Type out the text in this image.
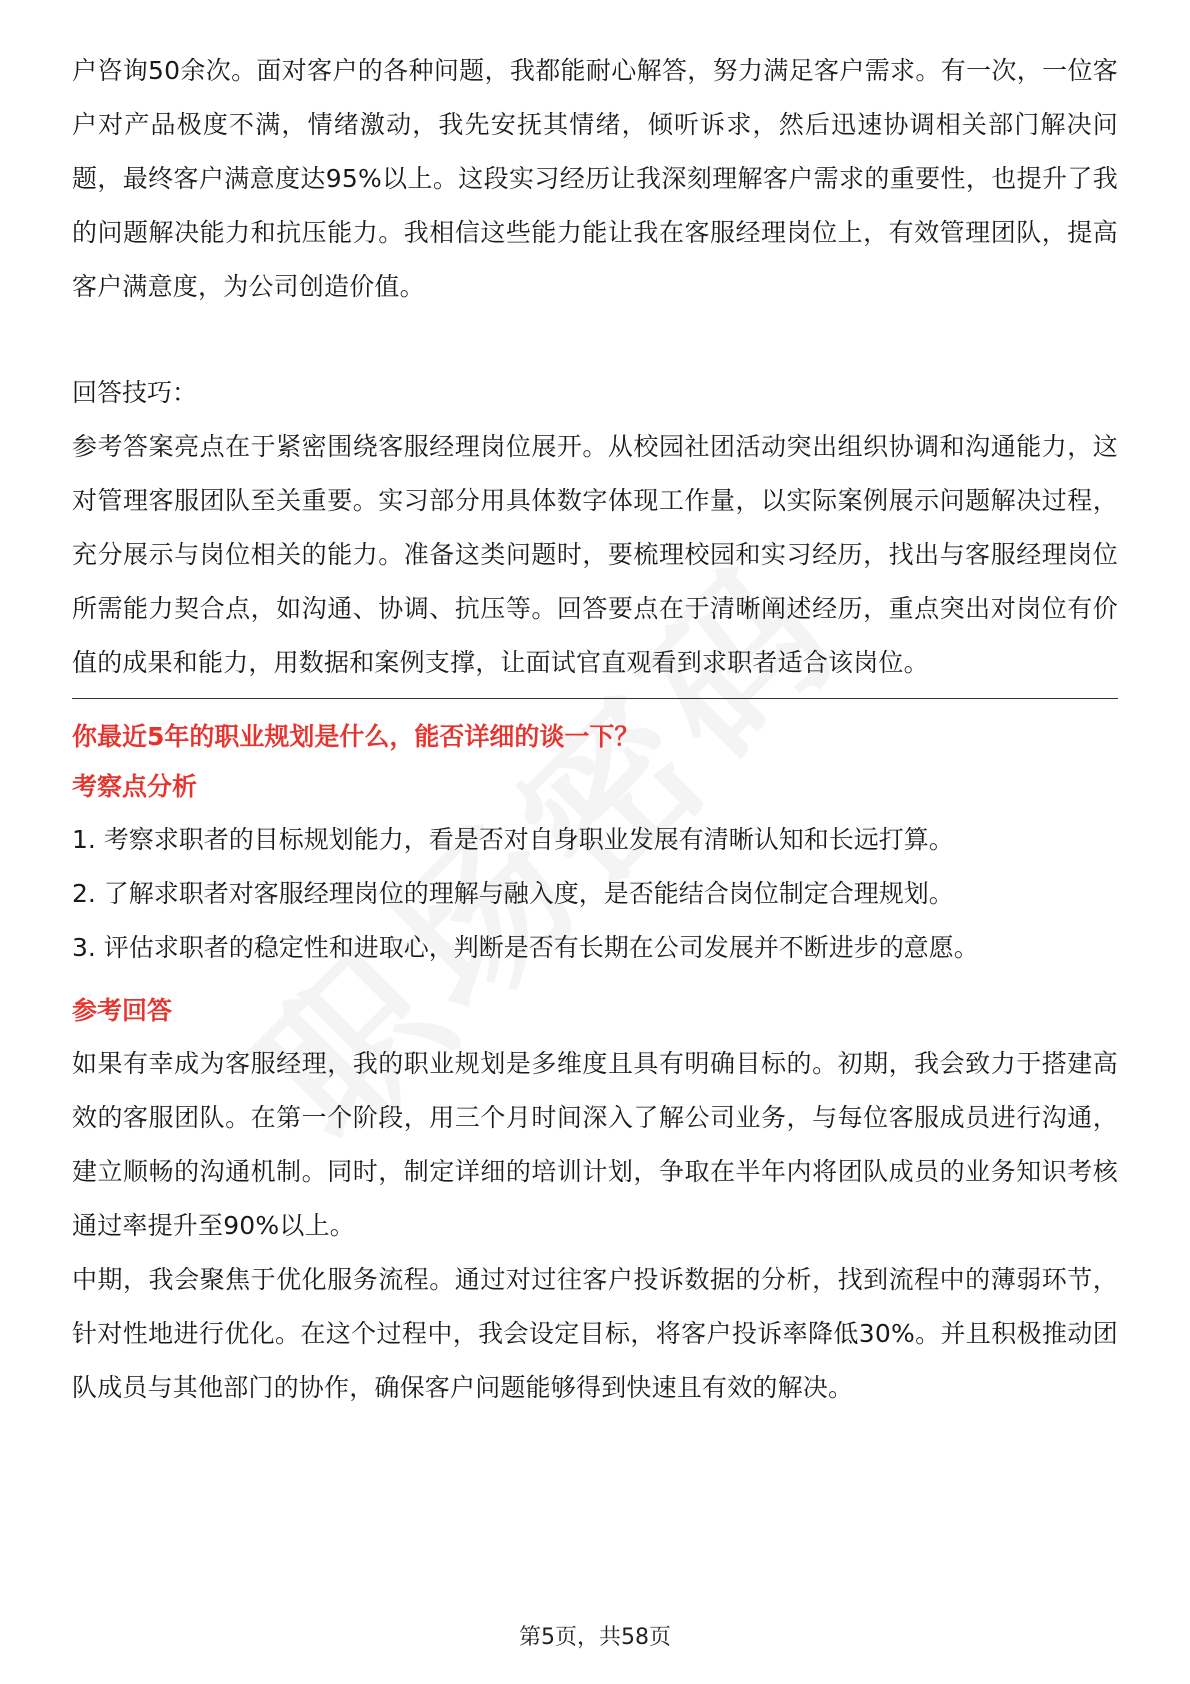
户咨询50余次。面对客户的各种问题，我都能耐心解答，努力满足客户需求。有一次，一位客户对产品极度不满，情绪激动，我先安抚其情绪，倾听诉求，然后迅速协调相关部门解决问题，最终客户满意度达95%以上。这段实习经历让我深刻理解客户需求的重要性，也提升了我的问题解决能力和抗压能力。我相信这些能力能让我在客服经理岗位上，有效管理团队，提高客户满意度，为公司创造价值。

回答技巧：

参考答案亮点在于紧密围绕客服经理岗位展开。从校园社团活动突出组织协调和沟通能力，这对管理客服团队至关重要。实习部分用具体数字体现工作量，以实际案例展示问题解决过程，充分展示与岗位相关的能力。准备这类问题时，要梳理校园和实习经历，找出与客服经理岗位所需能力契合点，如沟通、协调、抗压等。回答要点在于清晰阐述经历，重点突出对岗位有价值的成果和能力，用数据和案例支撑，让面试官直观看到求职者适合该岗位。

你最近5年的职业规划是什么，能否详细的谈一下？

考察点分析

1. 考察求职者的目标规划能力，看是否对自身职业发展有清晰认知和长远打算。

2. 了解求职者对客服经理岗位的理解与融入度，是否能结合岗位制定合理规划。

3. 评估求职者的稳定性和进取心，判断是否有长期在公司发展并不断进步的意愿。

参考回答

如果有幸成为客服经理，我的职业规划是多维度且具有明确目标的。初期，我会致力于搭建高效的客服团队。在第一个阶段，用三个月时间深入了解公司业务，与每位客服成员进行沟通，建立顺畅的沟通机制。同时，制定详细的培训计划，争取在半年内将团队成员的业务知识考核通过率提升至90%以上。

中期，我会聚焦于优化服务流程。通过对过往客户投诉数据的分析，找到流程中的薄弱环节，针对性地进行优化。在这个过程中，我会设定目标，将客户投诉率降低30%。并且积极推动团队成员与其他部门的协作，确保客户问题能够得到快速且有效的解决。

第5页，共58页
